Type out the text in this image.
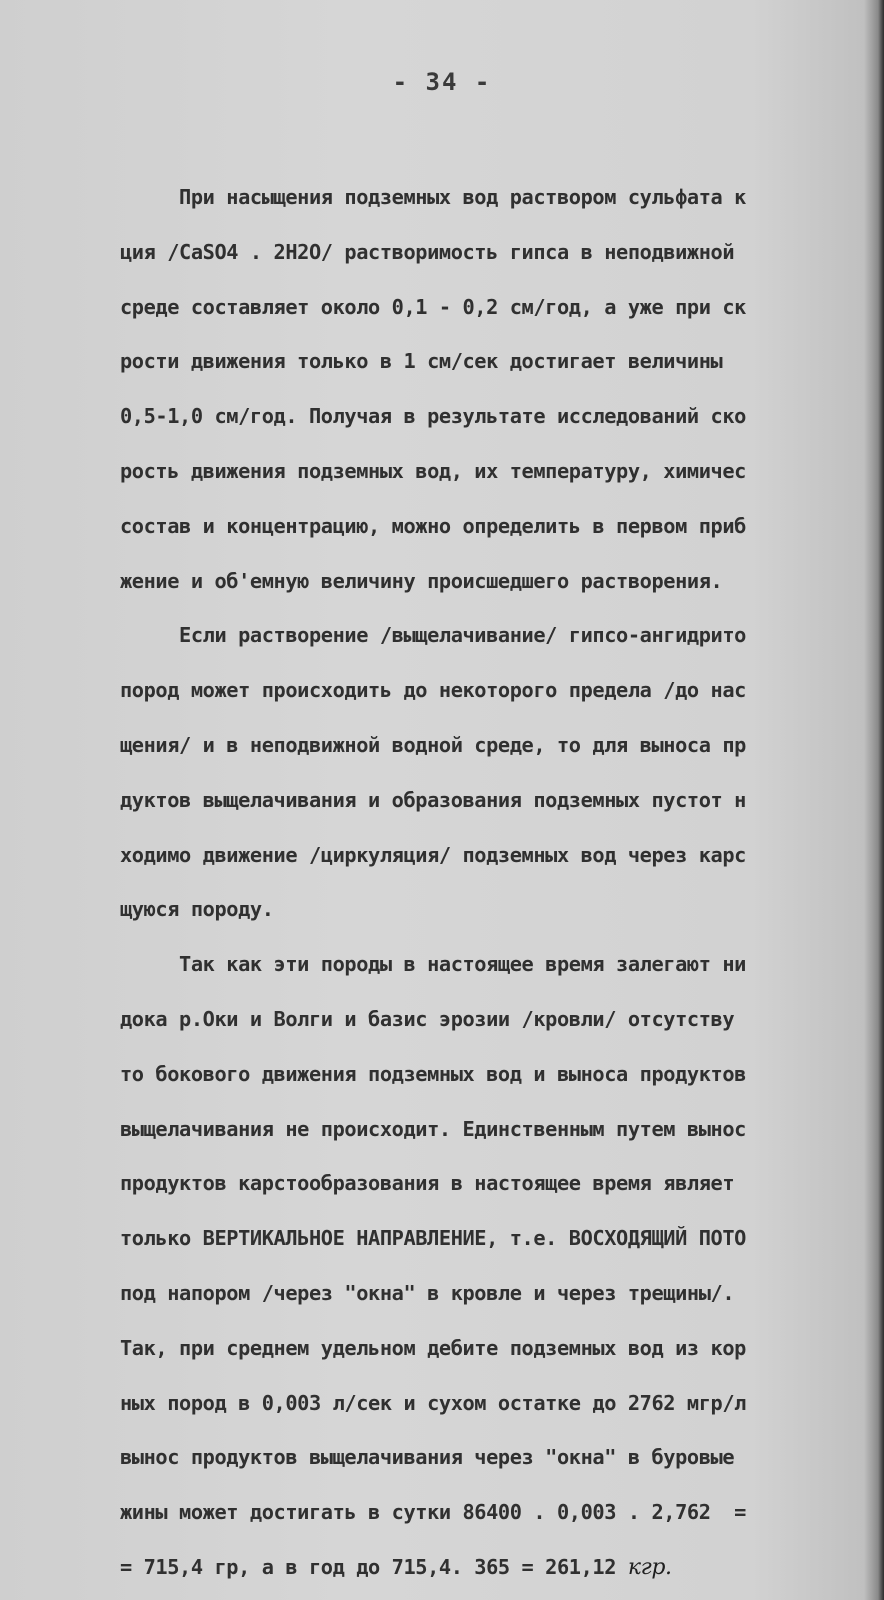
- 34 -
При насыщения подземных вод раствором сульфата к
ция /CaSO4 . 2H2O/ растворимость гипса в неподвижной
среде составляет около 0,1 - 0,2 см/год, а уже при ск
рости движения только в 1 см/сек достигает величины
0,5-1,0 см/год. Получая в результате исследований ско
рость движения подземных вод, их температуру, химичес
состав и концентрацию, можно определить в первом приб
жение и об'емную величину происшедшего растворения.
Если растворение /выщелачивание/ гипсо-ангидрито
пород может происходить до некоторого предела /до нас
щения/ и в неподвижной водной среде, то для выноса пр
дуктов выщелачивания и образования подземных пустот н
ходимо движение /циркуляция/ подземных вод через карс
щуюся породу.
Так как эти породы в настоящее время залегают ни
дока р.Оки и Волги и базис эрозии /кровли/ отсутству
то бокового движения подземных вод и выноса продуктов
выщелачивания не происходит. Единственным путем вынос
продуктов карстообразования в настоящее время являет
только ВЕРТИКАЛЬНОЕ НАПРАВЛЕНИЕ, т.е. ВОСХОДЯЩИЙ ПОТО
под напором /через "окна" в кровле и через трещины/.
Так, при среднем удельном дебите подземных вод из кор
ных пород в 0,003 л/сек и сухом остатке до 2762 мгр/л
вынос продуктов выщелачивания через "окна" в буровые
жины может достигать в сутки 86400 . 0,003 . 2,762  =
= 715,4 гр, а в год до 715,4. 365 = 261,12 кгр.
